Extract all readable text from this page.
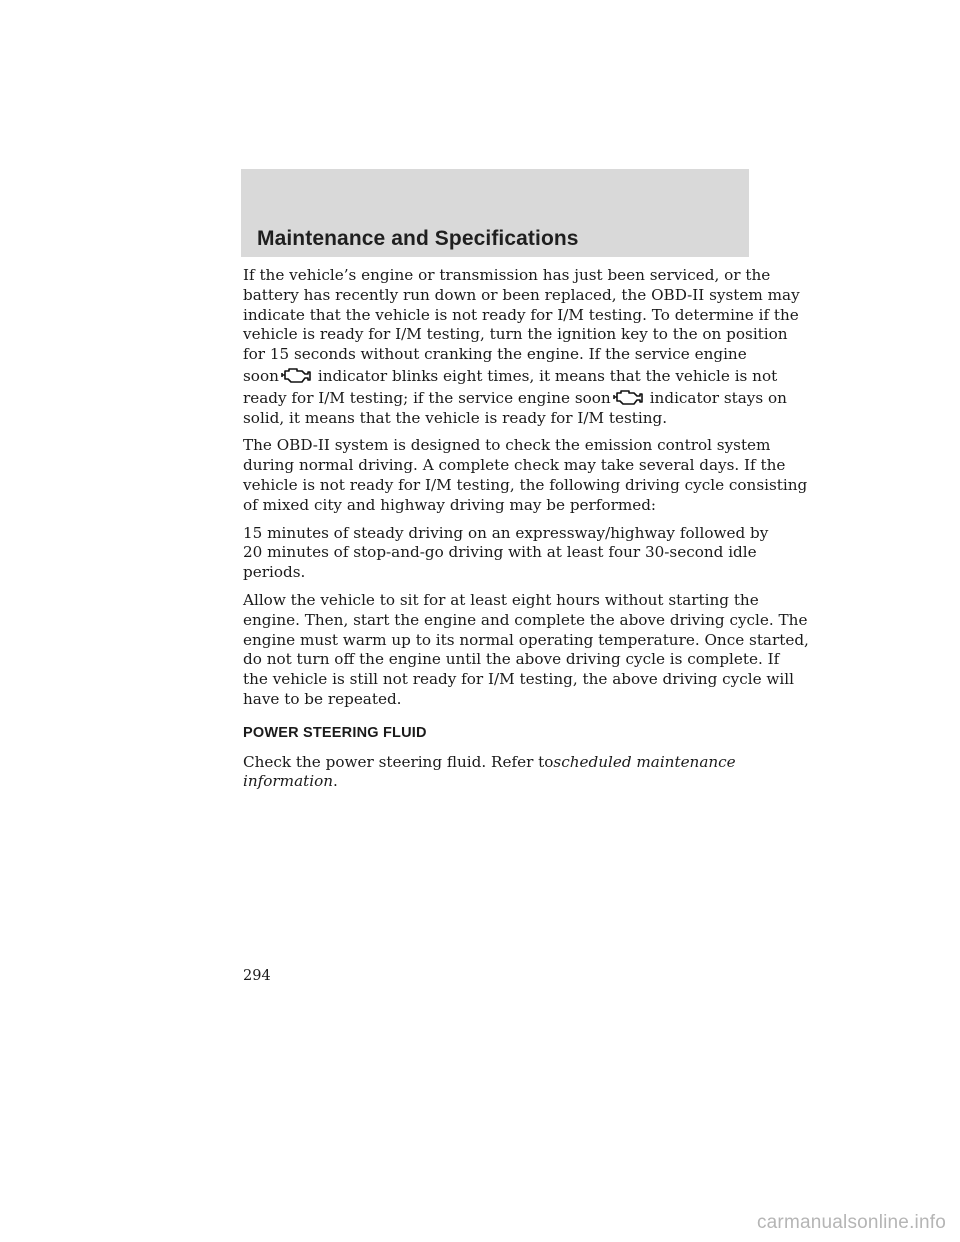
Maintenance and Specifications

If the vehicle’s engine or transmission has just been serviced, or the
battery has recently run down or been replaced, the OBD-II system may
indicate that the vehicle is not ready for I/M testing. To determine if the
vehicle is ready for I/M testing, turn the ignition key to the on position
for 15 seconds without cranking the engine. If the service engine
soon	indicator blinks eight times, it means that the vehicle is not
ready for I/M testing; if the service engine soon	indicator stays on
solid, it means that the vehicle is ready for I/M testing.

The OBD-II system is designed to check the emission control system
during normal driving. A complete check may take several days. If the
vehicle is not ready for I/M testing, the following driving cycle consisting
of mixed city and highway driving may be performed:

15 minutes of steady driving on an expressway/highway followed by
20 minutes of stop-and-go driving with at least four 30-second idle
periods.

Allow the vehicle to sit for at least eight hours without starting the
engine. Then, start the engine and complete the above driving cycle. The
engine must warm up to its normal operating temperature. Once started,
do not turn off the engine until the above driving cycle is complete. If
the vehicle is still not ready for I/M testing, the above driving cycle will
have to be repeated.

POWER STEERING FLUID

Check the power steering fluid. Refer toscheduled maintenance
information.

294
carmanualsonline.info
